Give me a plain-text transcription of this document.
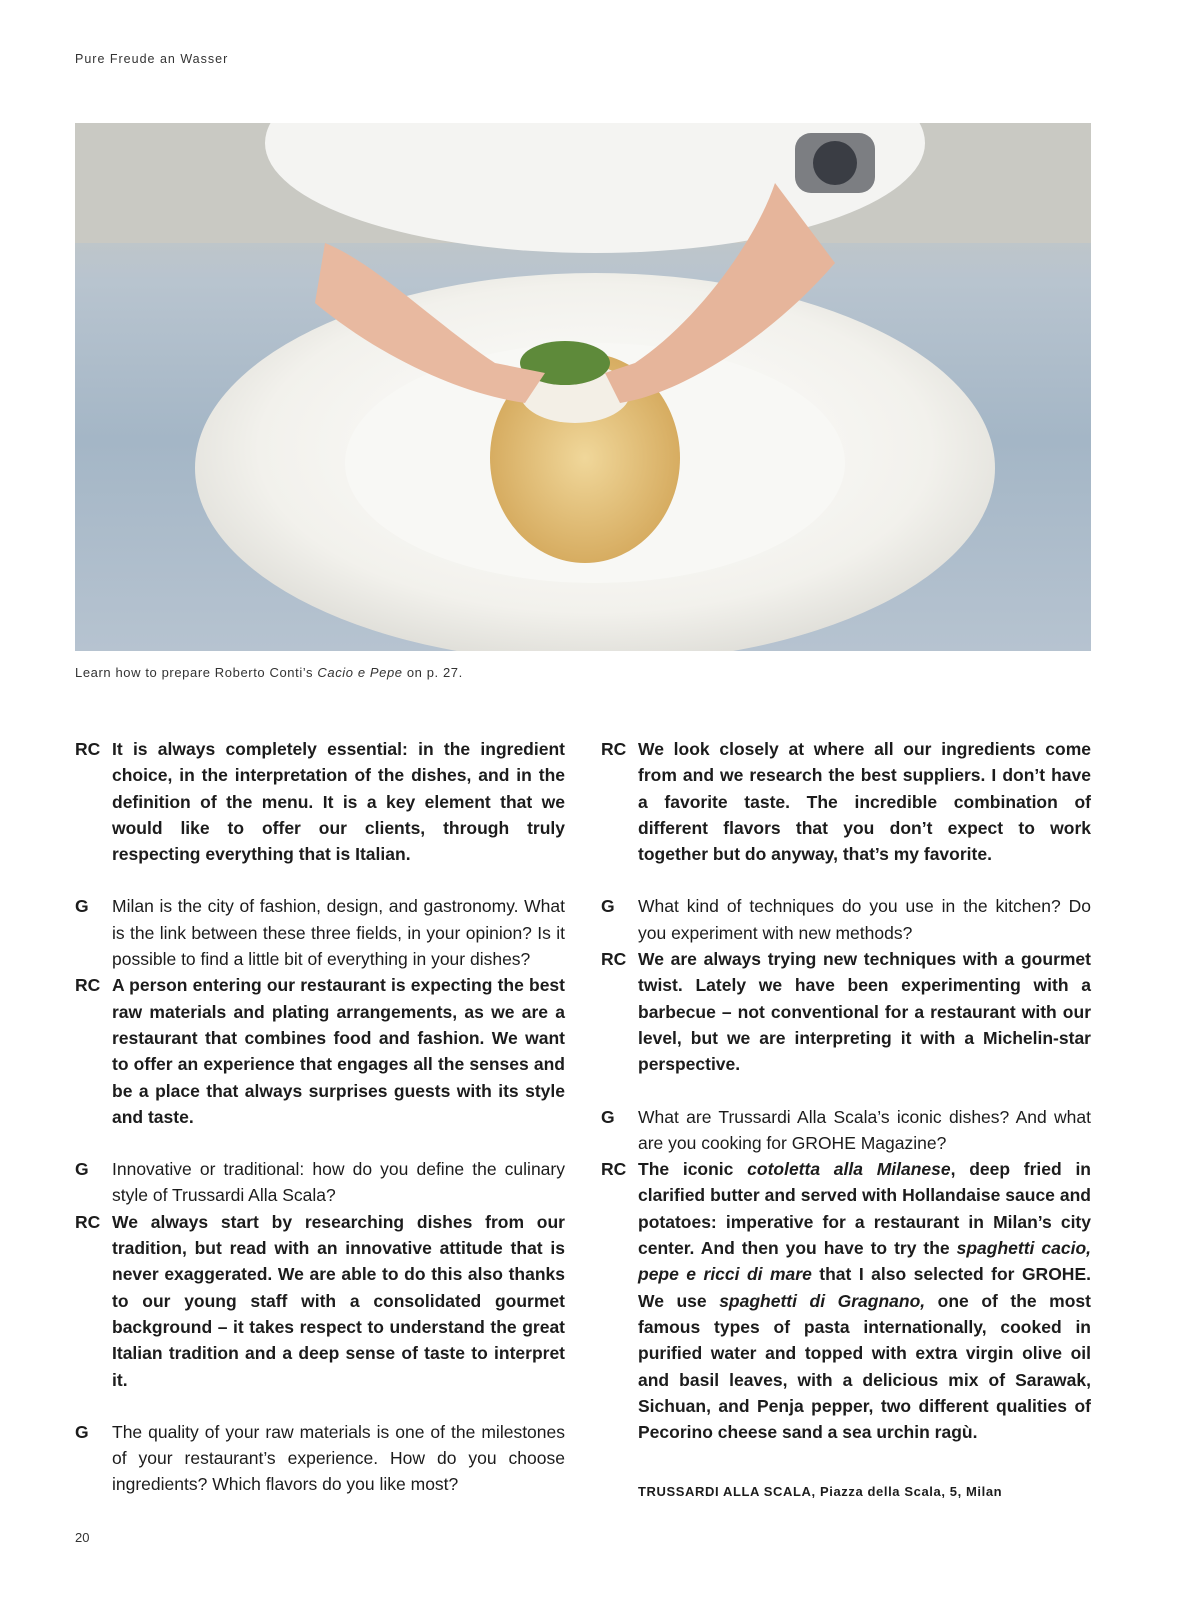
Pure Freude an Wasser
Learn how to prepare Roberto Conti’s Cacio e Pepe on p. 27.
RC It is always completely essential: in the ingredient choice, in the interpretation of the dishes, and in the definition of the menu. It is a key element that we would like to offer our clients, through truly respecting everything that is Italian.
G	Milan is the city of fashion, design, and gastronomy. What is the link between these three fields, in your opinion? Is it possible to find a little bit of everything in your dishes?
RC A person entering our restaurant is expecting the best raw materials and plating arrangements, as we are a restaurant that combines food and fashion. We want to offer an experience that engages all the senses and be a place that always surprises guests with its style and taste.
G	Innovative or traditional: how do you define the culinary style of Trussardi Alla Scala?
RC We always start by researching dishes from our tradition, but read with an innovative attitude that is never exaggerated. We are able to do this also thanks to our young staff with a consolidated gourmet background – it takes respect to understand the great Italian tradition and a deep sense of taste to interpret it.
G	The quality of your raw materials is one of the milestones of your restaurant’s experience. How do you choose ingredients? Which flavors do you like most?
RC We look closely at where all our ingredients come from and we research the best suppliers. I don’t have a favorite taste. The incredible combination of different flavors that you don’t expect to work together but do anyway, that’s my favorite.
G	What kind of techniques do you use in the kitchen? Do you experiment with new methods?
RC We are always trying new techniques with a gourmet twist. Lately we have been experimenting with a barbecue – not conventional for a restaurant with our level, but we are interpreting it with a Michelin-star perspective.
G	What are Trussardi Alla Scala’s iconic dishes? And what are you cooking for GROHE Magazine?
RC The iconic cotoletta alla Milanese, deep fried in clarified butter and served with Hollandaise sauce and potatoes: imperative for a restaurant in Milan’s city center. And then you have to try the spaghetti cacio, pepe e ricci di mare that I also selected for GROHE. We use spaghetti di Gragnano, one of the most famous types of pasta internationally, cooked in purified water and topped with extra virgin olive oil and basil leaves, with a delicious mix of Sarawak, Sichuan, and Penja pepper, two different qualities of Pecorino cheese sand a sea urchin ragù.
TRUSSARDI ALLA SCALA, Piazza della Scala, 5, Milan
20
